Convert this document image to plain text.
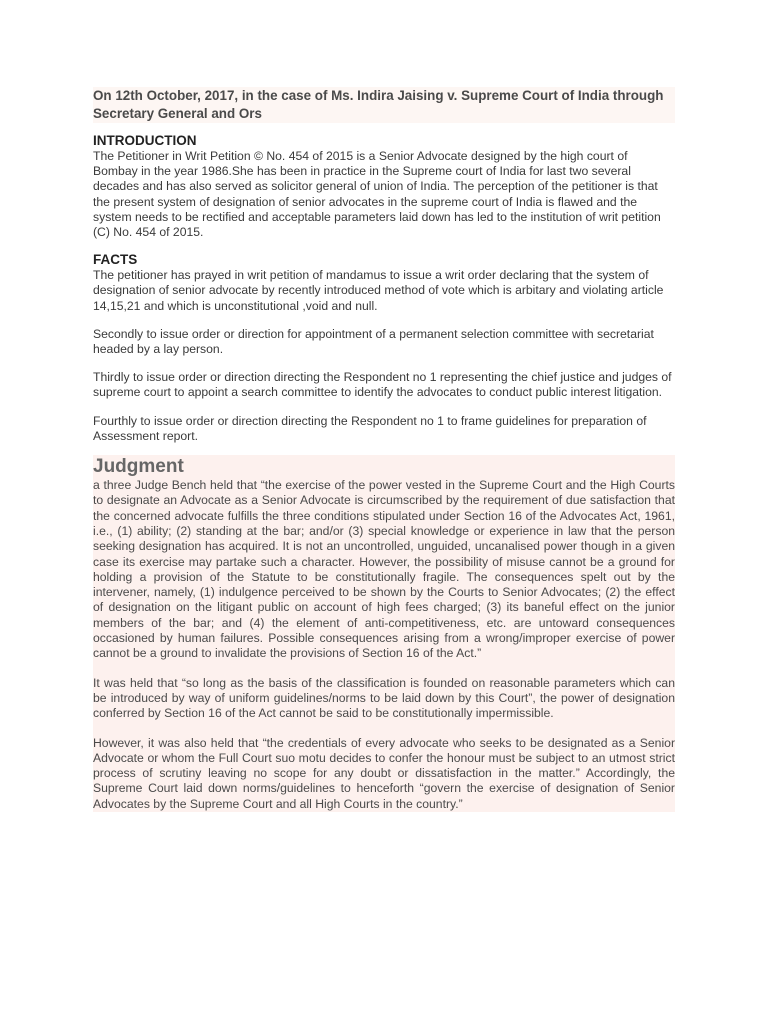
On 12th October, 2017, in the case of Ms. Indira Jaising v. Supreme Court of India through Secretary General and Ors

INTRODUCTION

The Petitioner in Writ Petition © No. 454 of 2015 is a Senior Advocate designed by the high court of Bombay in the year 1986.She has been in practice in the Supreme court of India for last two several decades and has also served as solicitor general of union of India. The perception of the petitioner is that the present system of designation of senior advocates in the supreme court of India is flawed and the system needs to be rectified and acceptable parameters laid down has led to the institution of writ petition (C) No. 454 of 2015.

FACTS

The petitioner has prayed in writ petition of mandamus to issue a writ order declaring that the system of designation of senior advocate by recently introduced method of vote which is arbitary and violating article 14,15,21 and which is unconstitutional ,void and null.

Secondly to issue order or direction for appointment of a permanent selection committee with secretariat headed by a lay person.

Thirdly to issue order or direction directing the Respondent no 1 representing the chief justice and judges of supreme court to appoint a search committee to identify the advocates to conduct public interest litigation.

Fourthly to issue order or direction directing the Respondent no 1 to frame guidelines for preparation of Assessment report.

Judgment

a three Judge Bench held that “the exercise of the power vested in the Supreme Court and the High Courts to designate an Advocate as a Senior Advocate is circumscribed by the requirement of due satisfaction that the concerned advocate fulfills the three conditions stipulated under Section 16 of the Advocates Act, 1961, i.e., (1) ability; (2) standing at the bar; and/or (3) special knowledge or experience in law that the person seeking designation has acquired. It is not an uncontrolled, unguided, uncanalised power though in a given case its exercise may partake such a character. However, the possibility of misuse cannot be a ground for holding a provision of the Statute to be constitutionally fragile. The consequences spelt out by the intervener, namely, (1) indulgence perceived to be shown by the Courts to Senior Advocates; (2) the effect of designation on the litigant public on account of high fees charged; (3) its baneful effect on the junior members of the bar; and (4) the element of anti-competitiveness, etc. are untoward consequences occasioned by human failures. Possible consequences arising from a wrong/improper exercise of power cannot be a ground to invalidate the provisions of Section 16 of the Act.”

It was held that “so long as the basis of the classification is founded on reasonable parameters which can be introduced by way of uniform guidelines/norms to be laid down by this Court”, the power of designation conferred by Section 16 of the Act cannot be said to be constitutionally impermissible.

However, it was also held that “the credentials of every advocate who seeks to be designated as a Senior Advocate or whom the Full Court suo motu decides to confer the honour must be subject to an utmost strict process of scrutiny leaving no scope for any doubt or dissatisfaction in the matter.” Accordingly, the Supreme Court laid down norms/guidelines to henceforth “govern the exercise of designation of Senior Advocates by the Supreme Court and all High Courts in the country.”
